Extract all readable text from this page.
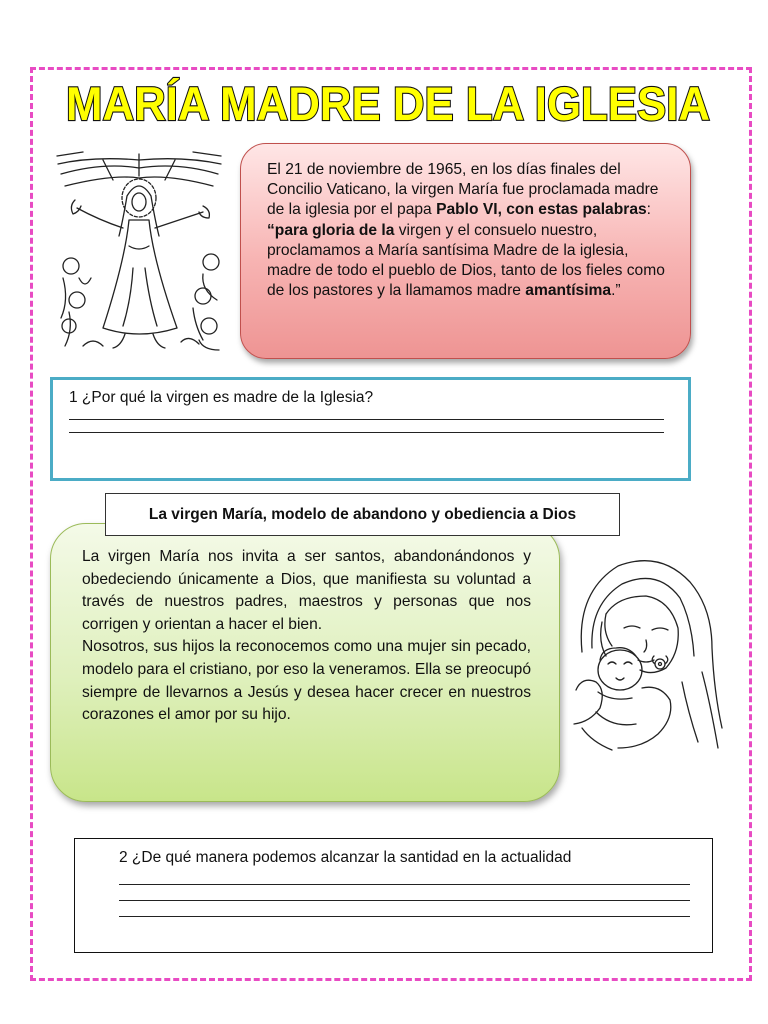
MARÍA MADRE DE LA IGLESIA
El 21 de noviembre de 1965, en los días finales del Concilio Vaticano, la virgen María fue proclamada madre de la iglesia por el papa Pablo VI, con estas palabras: “para gloria de la virgen y el consuelo nuestro, proclamamos a María santísima Madre de la iglesia, madre de todo el pueblo de Dios, tanto de los fieles como de los pastores y la llamamos madre amantísima.”
1 ¿Por qué la virgen es madre de la Iglesia?

La virgen María nos invita a ser santos, abandonándonos y obedeciendo únicamente a Dios, que manifiesta su voluntad a través de nuestros padres, maestros y personas que nos corrigen y orientan a hacer el bien.

Nosotros, sus hijos la reconocemos como una mujer sin pecado, modelo para el cristiano, por eso la veneramos. Ella se preocupó siempre de llevarnos a Jesús y desea hacer crecer en nuestros corazones el amor por su hijo.

La virgen María, modelo de abandono y obediencia a Dios
2 ¿De qué manera podemos alcanzar la santidad en la actualidad
